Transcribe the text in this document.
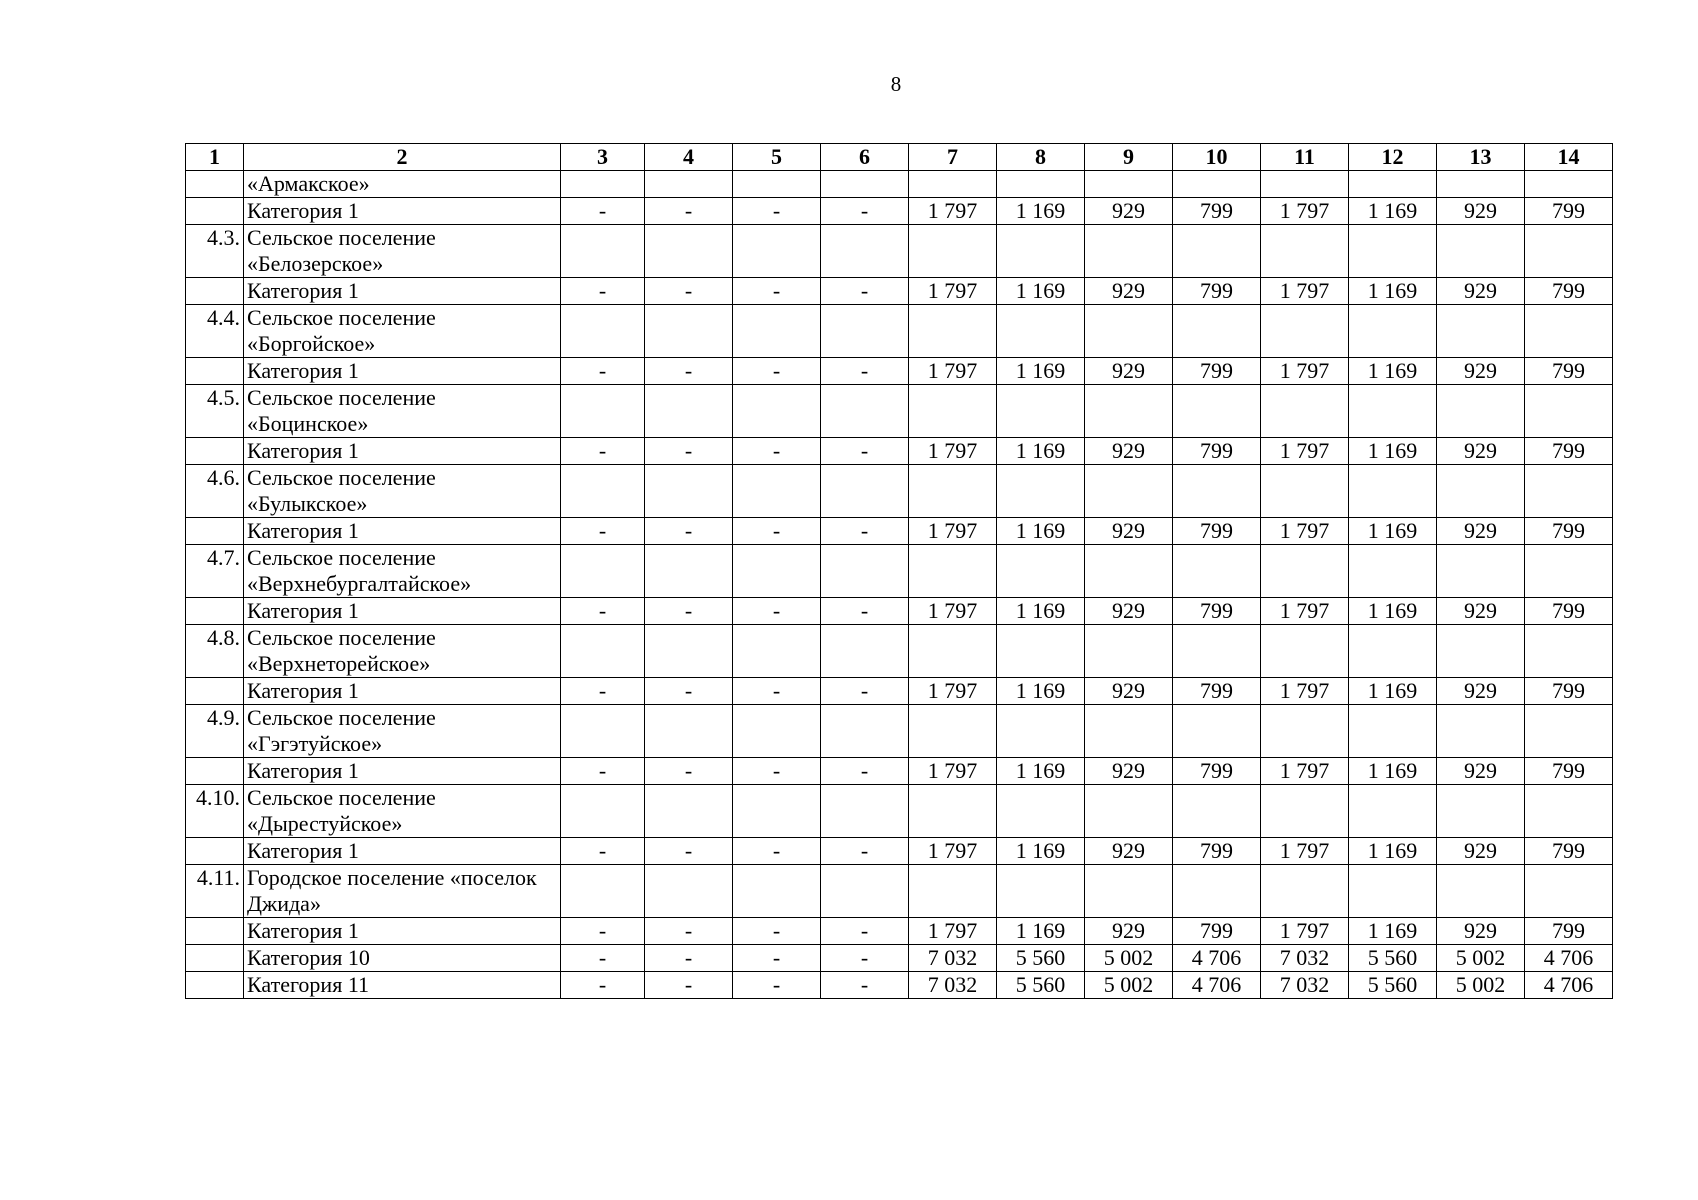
8
1	2	3	4	5	6	7	8	9	10	11	12	13	14
	«Армакское»												
	Категория 1	-	-	-	-	1 797	1 169	929	799	1 797	1 169	929	799
4.3.	Сельское поселение «Белозерское»												
	Категория 1	-	-	-	-	1 797	1 169	929	799	1 797	1 169	929	799
4.4.	Сельское поселение «Боргойское»												
	Категория 1	-	-	-	-	1 797	1 169	929	799	1 797	1 169	929	799
4.5.	Сельское поселение «Боцинское»												
	Категория 1	-	-	-	-	1 797	1 169	929	799	1 797	1 169	929	799
4.6.	Сельское поселение «Булыкское»												
	Категория 1	-	-	-	-	1 797	1 169	929	799	1 797	1 169	929	799
4.7.	Сельское поселение «Верхнебургалтайское»												
	Категория 1	-	-	-	-	1 797	1 169	929	799	1 797	1 169	929	799
4.8.	Сельское поселение «Верхнеторейское»												
	Категория 1	-	-	-	-	1 797	1 169	929	799	1 797	1 169	929	799
4.9.	Сельское поселение «Гэгэтуйское»												
	Категория 1	-	-	-	-	1 797	1 169	929	799	1 797	1 169	929	799
4.10.	Сельское поселение «Дырестуйское»												
	Категория 1	-	-	-	-	1 797	1 169	929	799	1 797	1 169	929	799
4.11.	Городское поселение «поселок Джида»												
	Категория 1	-	-	-	-	1 797	1 169	929	799	1 797	1 169	929	799
	Категория 10	-	-	-	-	7 032	5 560	5 002	4 706	7 032	5 560	5 002	4 706
	Категория 11	-	-	-	-	7 032	5 560	5 002	4 706	7 032	5 560	5 002	4 706
